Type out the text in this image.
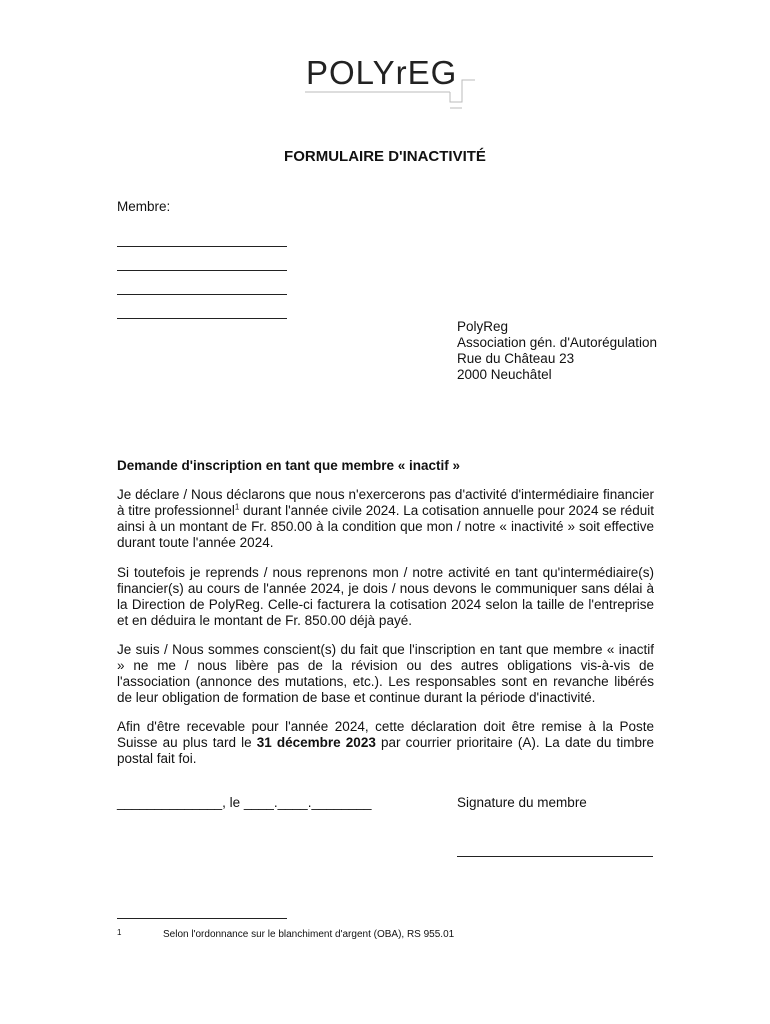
POLYrEG
FORMULAIRE D'INACTIVITÉ
Membre:
PolyReg
Association gén. d'Autorégulation
Rue du Château 23
2000 Neuchâtel
Demande d'inscription en tant que membre « inactif »
Je déclare / Nous déclarons que nous n'exercerons pas d'activité d'intermédiaire financier à titre professionnel$^1$ durant l'année civile 2024. La cotisation annuelle pour 2024 se réduit ainsi à un montant de Fr. 850.00 à la condition que mon / notre « inactivité » soit effective durant toute l'année 2024.
Si toutefois je reprends / nous reprenons mon / notre activité en tant qu'intermédiaire(s) financier(s) au cours de l'année 2024, je dois / nous devons le communiquer sans délai à la Direction de PolyReg. Celle-ci facturera la cotisation 2024 selon la taille de l'entreprise et en déduira le montant de Fr. 850.00 déjà payé.
Je suis / Nous sommes conscient(s) du fait que l'inscription en tant que membre « inactif » ne me / nous libère pas de la révision ou des autres obligations vis-à-vis de l'association (annonce des mutations, etc.). Les responsables sont en revanche libérés de leur obligation de formation de base et continue durant la période d'inactivité.
Afin d'être recevable pour l'année 2024, cette déclaration doit être remise à la Poste Suisse au plus tard le 31 décembre 2023 par courrier prioritaire (A). La date du timbre postal fait foi.
______________, le ____.____.________	Signature du membre
1	Selon l'ordonnance sur le blanchiment d'argent (OBA), RS 955.01
